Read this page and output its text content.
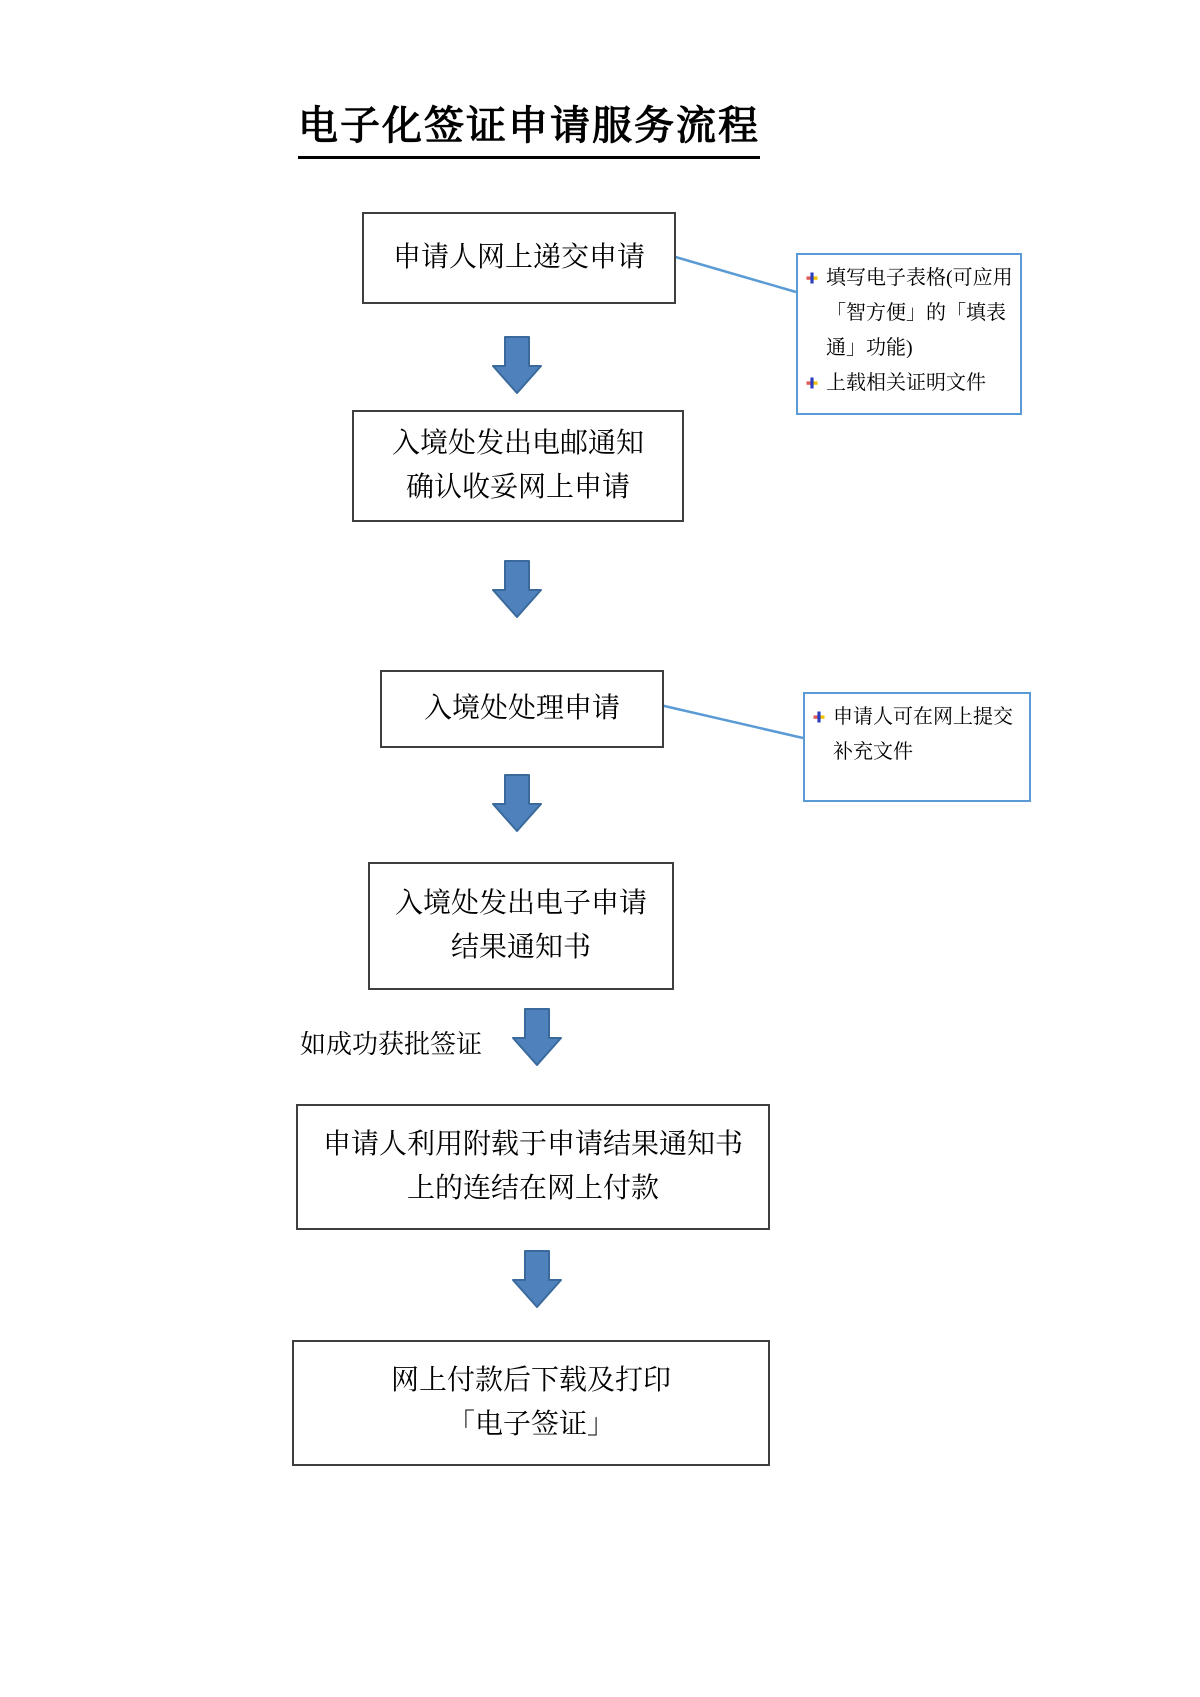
电子化签证申请服务流程
申请人网上递交申请
填写电子表格(可应用「智方便」的「填表通」功能)
上载相关证明文件
入境处发出电邮通知
确认收妥网上申请
入境处处理申请	申请人可在网上提交补充文件
入境处发出电子申请
结果通知书
如成功获批签证
申请人利用附载于申请结果通知书
上的连结在网上付款
网上付款后下载及打印
「电子签证」
